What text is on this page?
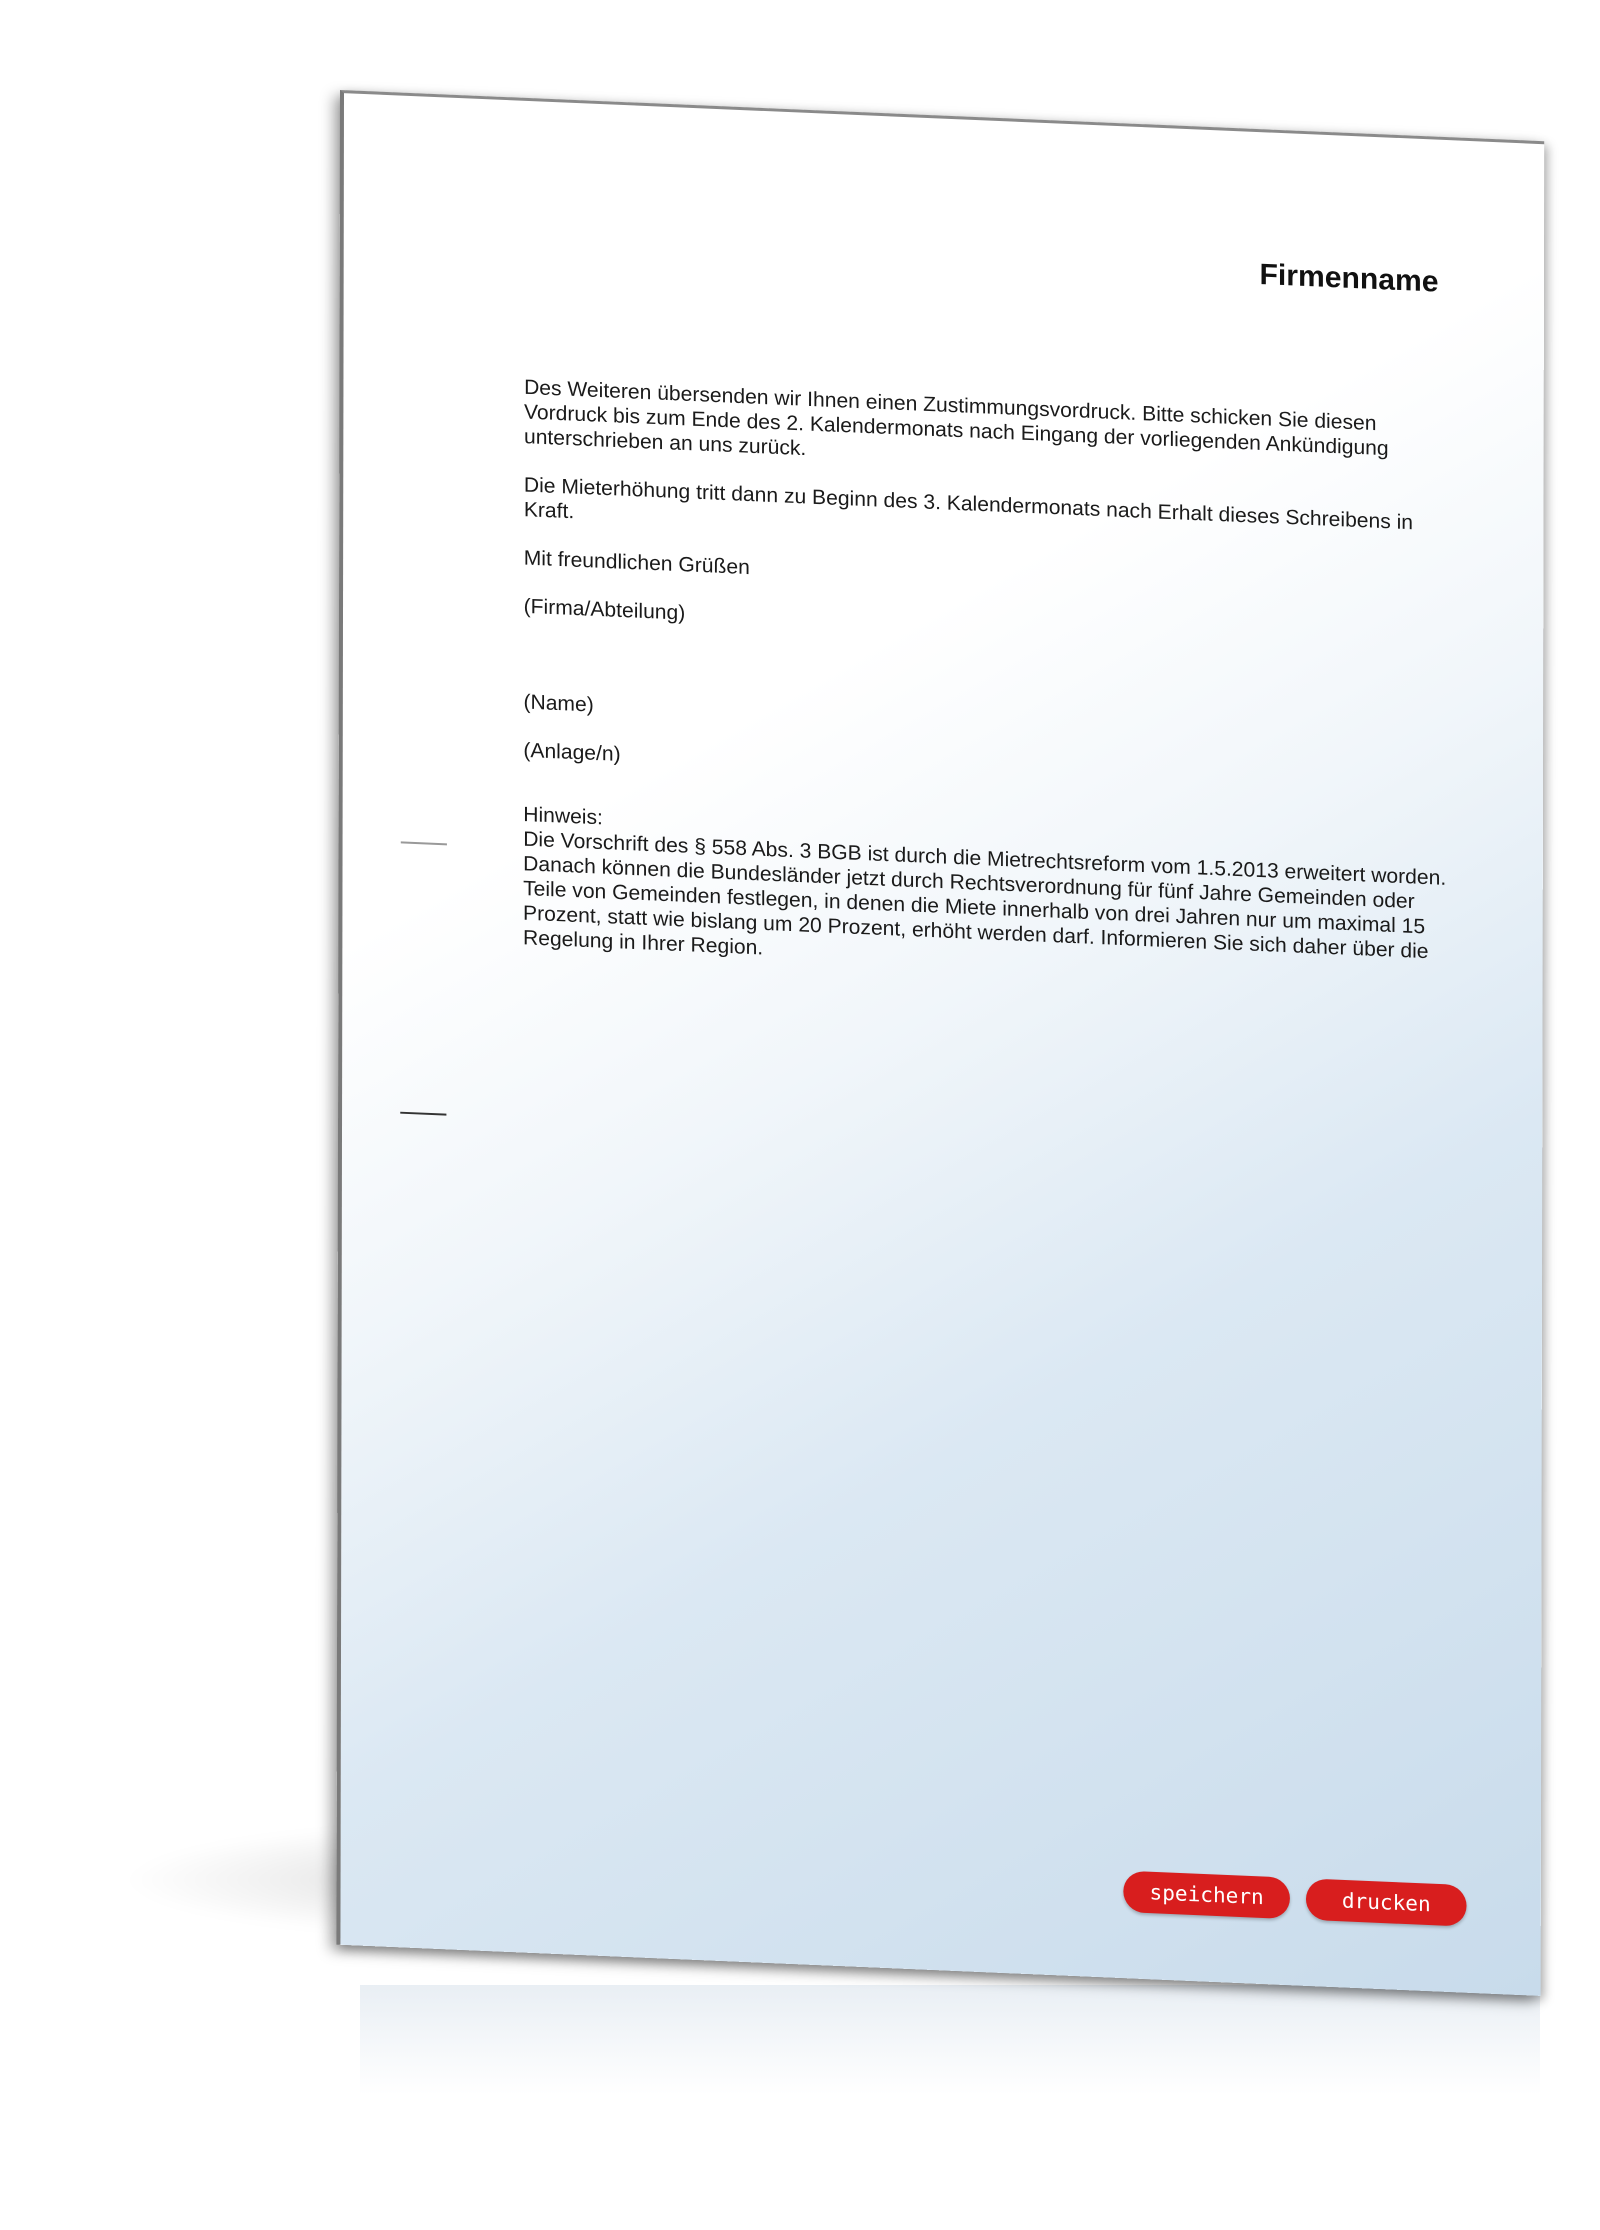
Firmenname

Des Weiteren übersenden wir Ihnen einen Zustimmungsvordruck. Bitte schicken Sie diesen Vordruck bis zum Ende des 2. Kalendermonats nach Eingang der vorliegenden Ankündigung unterschrieben an uns zurück.

Die Mieterhöhung tritt dann zu Beginn des 3. Kalendermonats nach Erhalt dieses Schreibens in Kraft.

Mit freundlichen Grüßen

(Firma/Abteilung)

(Name)

(Anlage/n)

Hinweis:
Die Vorschrift des § 558 Abs. 3 BGB ist durch die Mietrechtsreform vom 1.5.2013 erweitert worden. Danach können die Bundesländer jetzt durch Rechtsverordnung für fünf Jahre Gemeinden oder Teile von Gemeinden festlegen, in denen die Miete innerhalb von drei Jahren nur um maximal 15 Prozent, statt wie bislang um 20 Prozent, erhöht werden darf. Informieren Sie sich daher über die Regelung in Ihrer Region.
speichern	drucken
